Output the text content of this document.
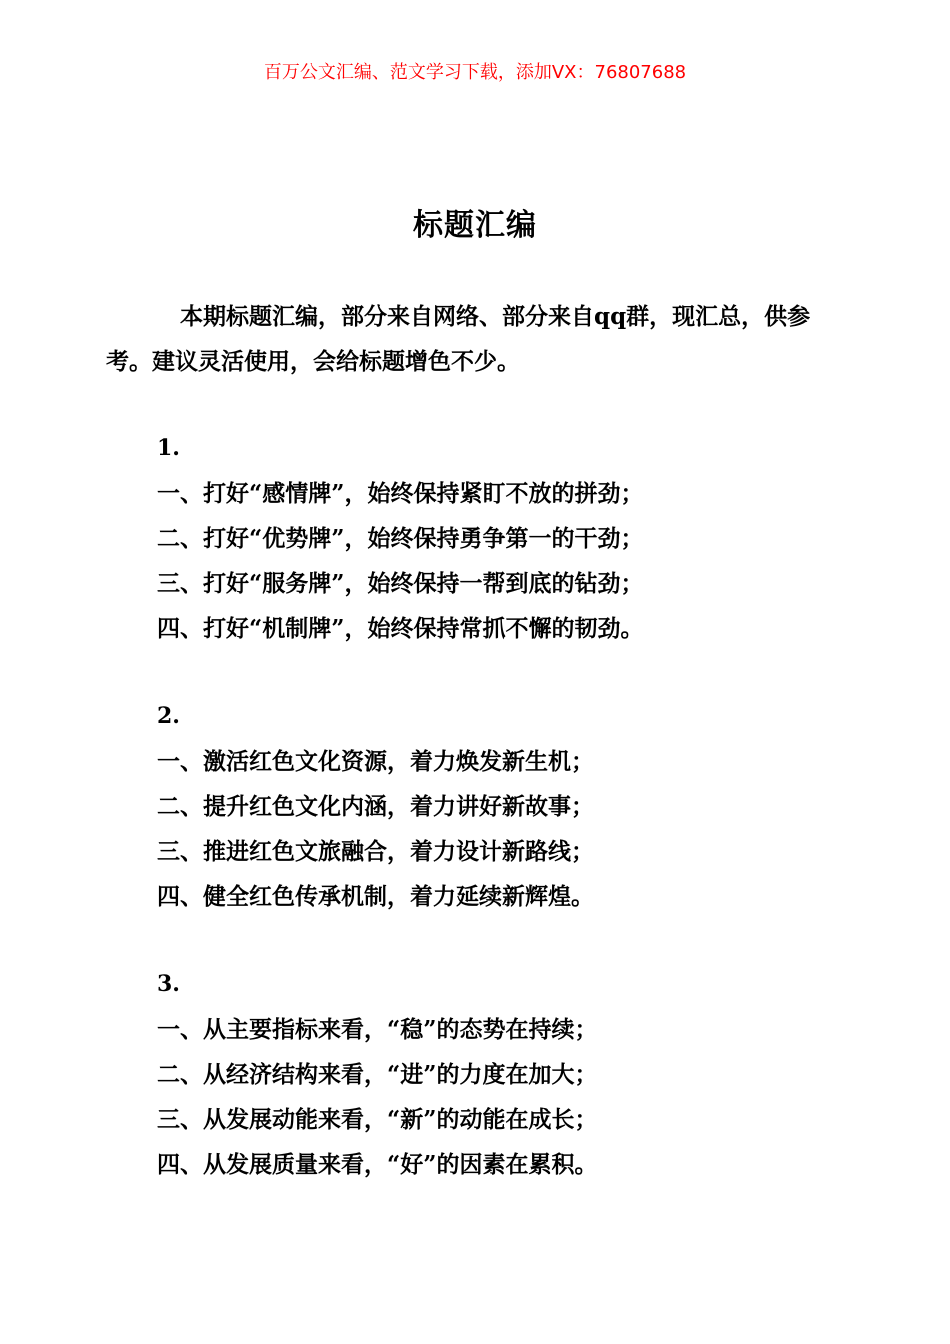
百万公文汇编、范文学习下载，添加VX：76807688
标题汇编
本期标题汇编，部分来自网络、部分来自qq群，现汇总，供参考。建议灵活使用，会给标题增色不少。
1.
一、打好“感情牌”，始终保持紧盯不放的拼劲；
二、打好“优势牌”，始终保持勇争第一的干劲；
三、打好“服务牌”，始终保持一帮到底的钻劲；
四、打好“机制牌”，始终保持常抓不懈的韧劲。
2.
一、激活红色文化资源，着力焕发新生机；
二、提升红色文化内涵，着力讲好新故事；
三、推进红色文旅融合，着力设计新路线；
四、健全红色传承机制，着力延续新辉煌。
3.
一、从主要指标来看，“稳”的态势在持续；
二、从经济结构来看，“进”的力度在加大；
三、从发展动能来看，“新”的动能在成长；
四、从发展质量来看，“好”的因素在累积。
